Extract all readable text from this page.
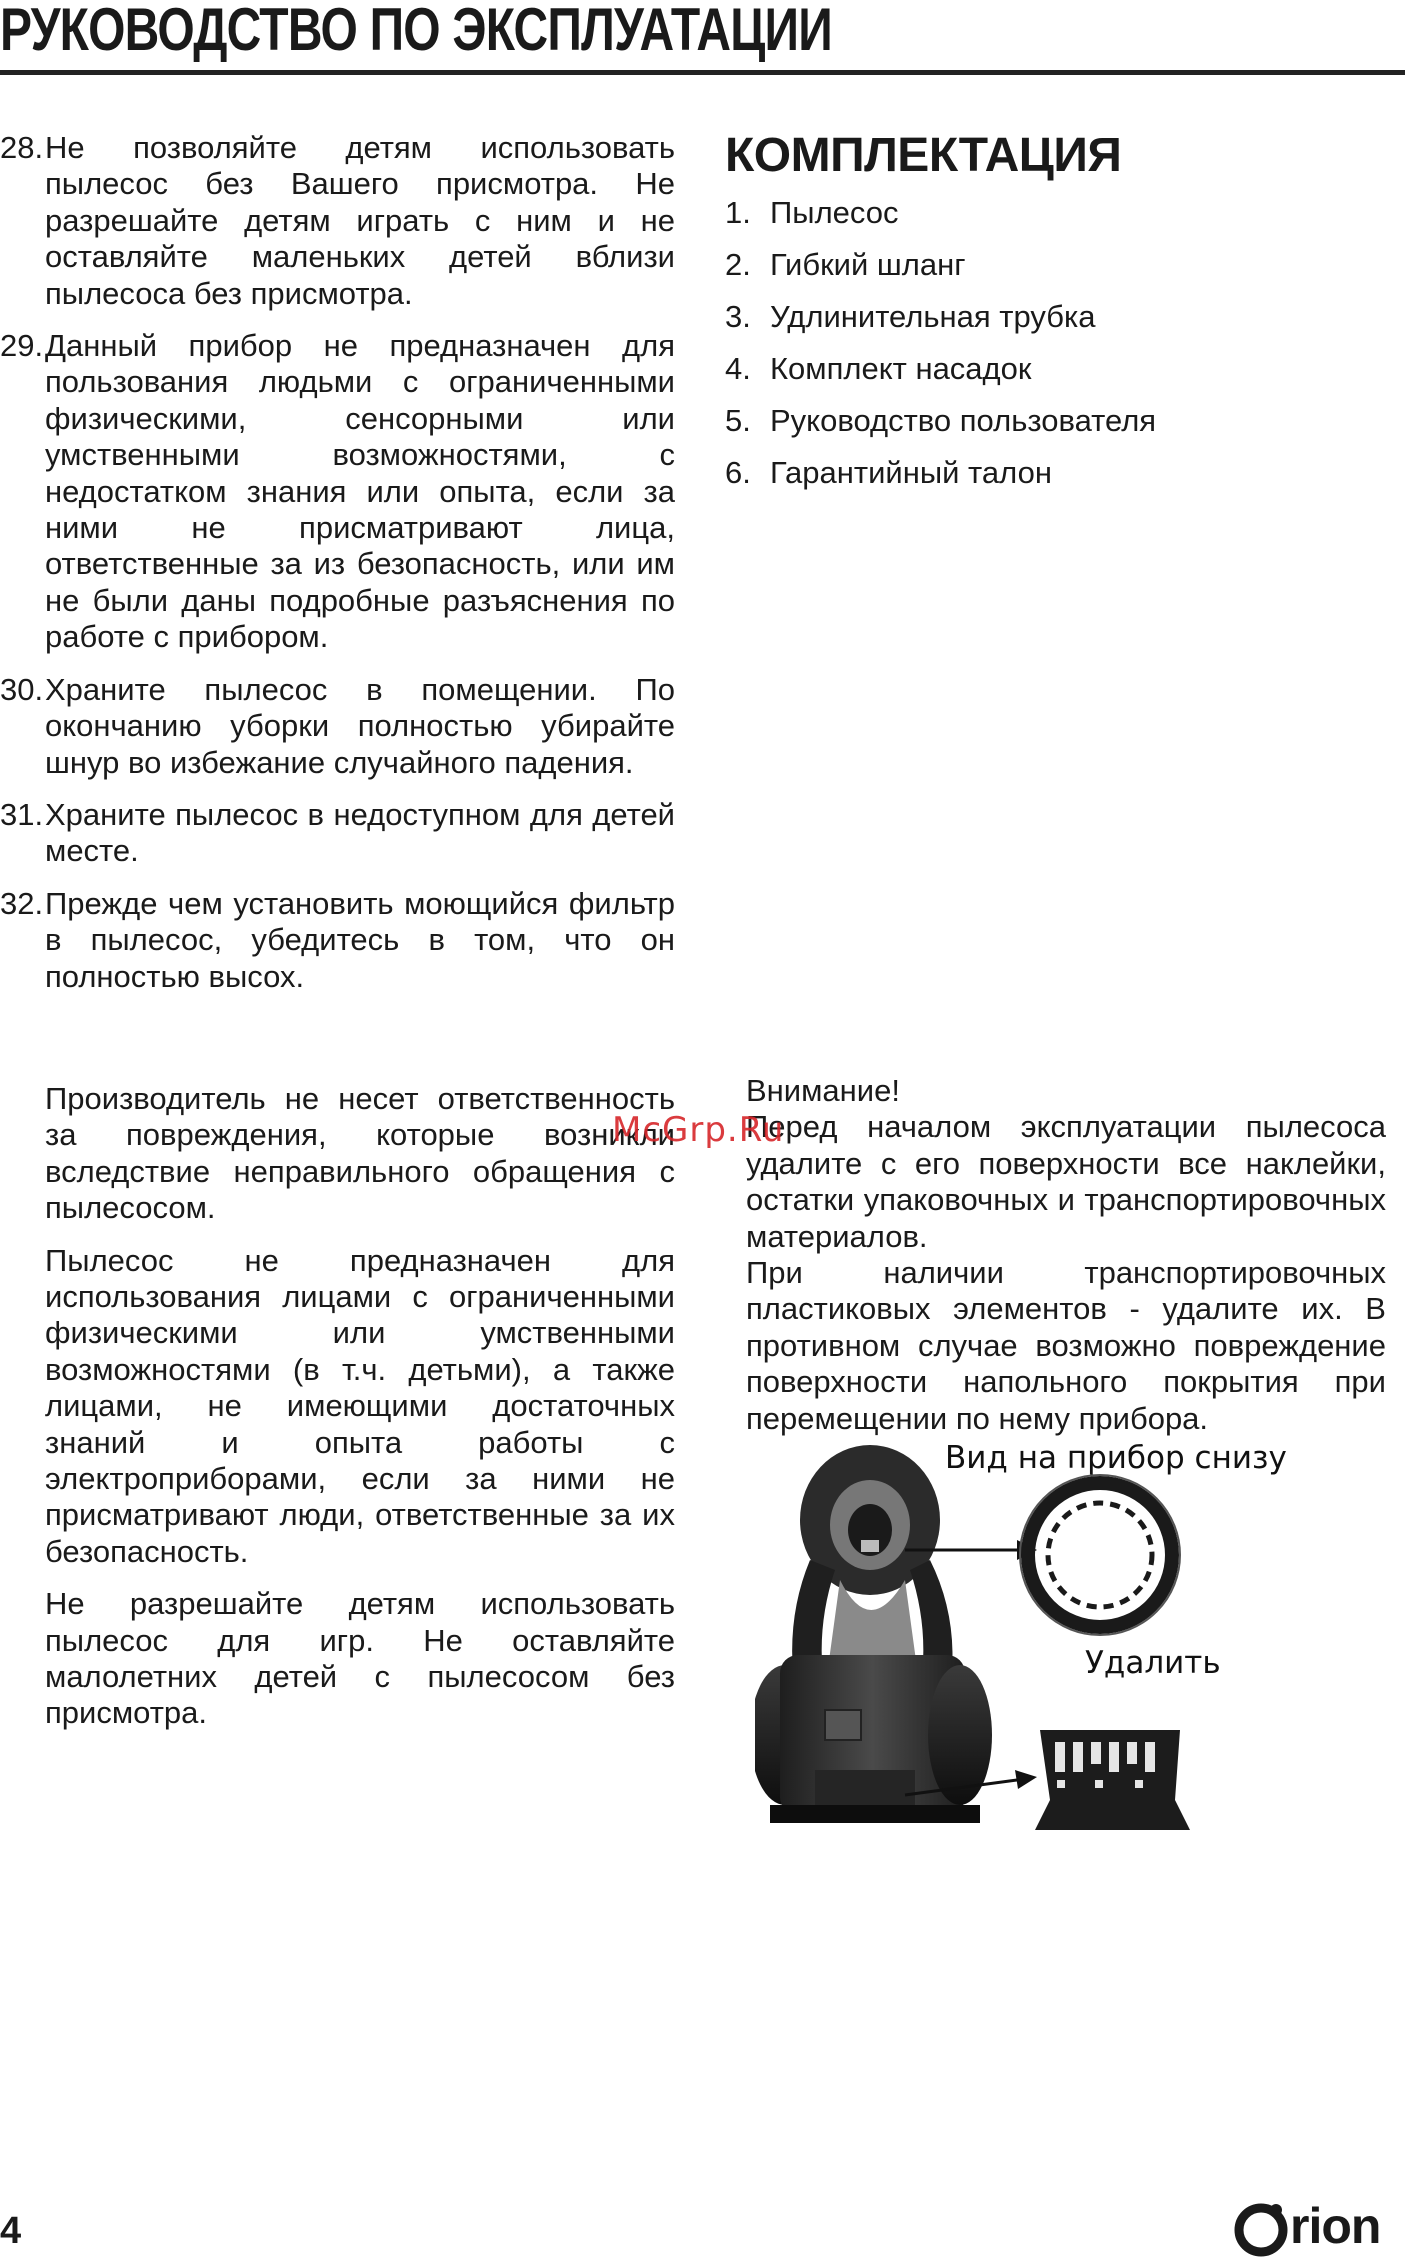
РУКОВОДСТВО ПО ЭКСПЛУАТАЦИИ
28. Не позволяйте детям использовать пылесос без Вашего присмотра. Не разрешайте детям играть с ним и не оставляйте маленьких детей вблизи пылесоса без присмотра.
29. Данный прибор не предназначен для пользования людьми с ограниченными физическими, сенсорными или умственными возможностями, с недостатком знания или опыта, если за ними не присматривают лица, ответственные за из безопасность, или им не были даны подробные разъяснения по работе с прибором.
30. Храните пылесос в помещении. По окончанию уборки полностью убирайте шнур во избежание случайного падения.
31. Храните пылесос в недоступном для детей месте.
32. Прежде чем установить моющийся фильтр в пылесос, убедитесь в том, что он полностью высох.

Производитель не несет ответственность за повреждения, которые возникли вследствие неправильного обращения с пылесосом.

Пылесос не предназначен для использования лицами с ограниченными физическими или умственными возможностями (в т.ч. детьми), а также лицами, не имеющими достаточных знаний и опыта работы с электроприборами, если за ними не присматривают люди, ответственные за их безопасность.

Не разрешайте детям использовать пылесос для игр. Не оставляйте малолетних детей с пылесосом без присмотра.

КОМПЛЕКТАЦИЯ
1. Пылесос
2. Гибкий шланг
3. Удлинительная трубка
4. Комплект насадок
5. Руководство пользователя
6. Гарантийный талон

Внимание!

Перед началом эксплуатации пылесоса удалите с его поверхности все наклейки, остатки упаковочных и транспортировочных материалов.

При наличии транспортировочных пластиковых элементов - удалите их. В противном случае возможно повреждение поверхности напольного покрытия при перемещении по нему прибора.

McGrp.Ru
Вид на прибор снизу
Удалить
4	rion
